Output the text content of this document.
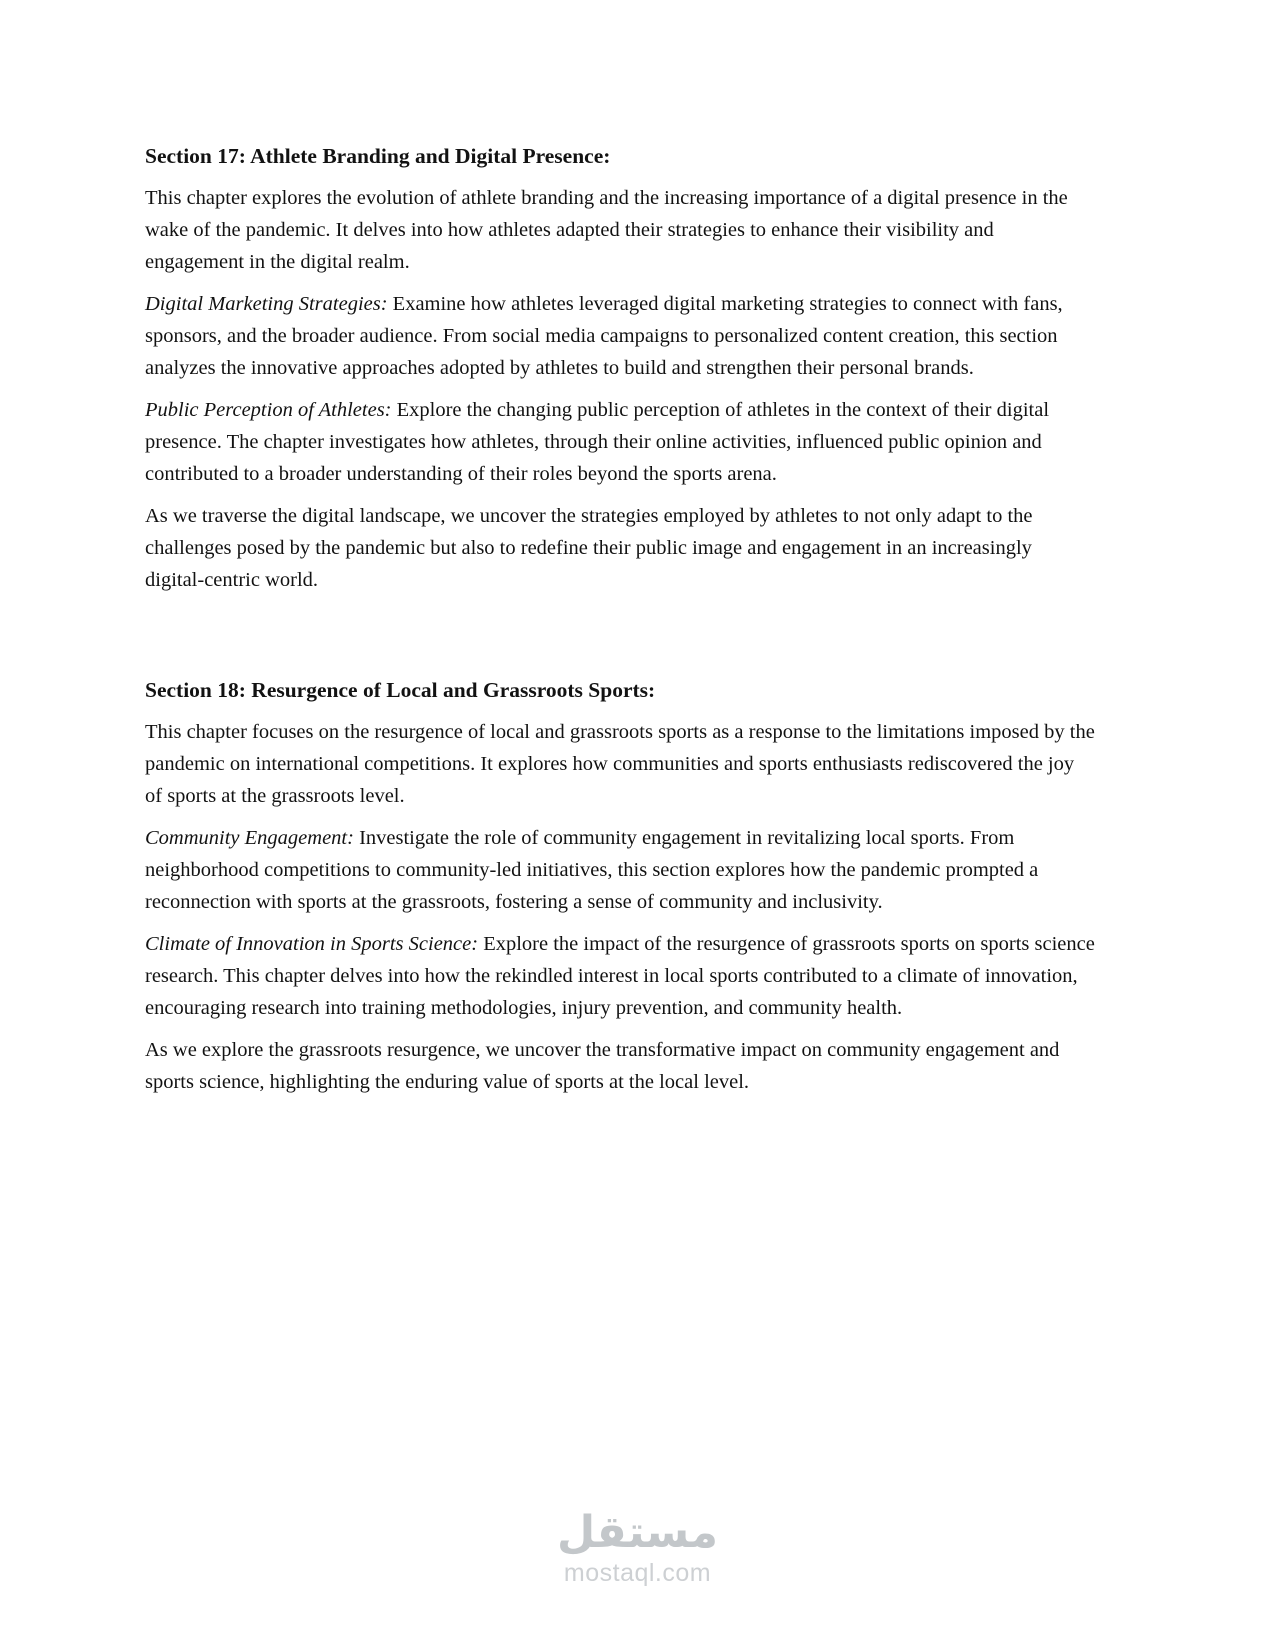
Section 17: Athlete Branding and Digital Presence:

This chapter explores the evolution of athlete branding and the increasing importance of a digital presence in the wake of the pandemic. It delves into how athletes adapted their strategies to enhance their visibility and engagement in the digital realm.

Digital Marketing Strategies: Examine how athletes leveraged digital marketing strategies to connect with fans, sponsors, and the broader audience. From social media campaigns to personalized content creation, this section analyzes the innovative approaches adopted by athletes to build and strengthen their personal brands.

Public Perception of Athletes: Explore the changing public perception of athletes in the context of their digital presence. The chapter investigates how athletes, through their online activities, influenced public opinion and contributed to a broader understanding of their roles beyond the sports arena.

As we traverse the digital landscape, we uncover the strategies employed by athletes to not only adapt to the challenges posed by the pandemic but also to redefine their public image and engagement in an increasingly digital-centric world.

Section 18: Resurgence of Local and Grassroots Sports:

This chapter focuses on the resurgence of local and grassroots sports as a response to the limitations imposed by the pandemic on international competitions. It explores how communities and sports enthusiasts rediscovered the joy of sports at the grassroots level.

Community Engagement: Investigate the role of community engagement in revitalizing local sports. From neighborhood competitions to community-led initiatives, this section explores how the pandemic prompted a reconnection with sports at the grassroots, fostering a sense of community and inclusivity.

Climate of Innovation in Sports Science: Explore the impact of the resurgence of grassroots sports on sports science research. This chapter delves into how the rekindled interest in local sports contributed to a climate of innovation, encouraging research into training methodologies, injury prevention, and community health.

As we explore the grassroots resurgence, we uncover the transformative impact on community engagement and sports science, highlighting the enduring value of sports at the local level.

مستقل
mostaql.com
